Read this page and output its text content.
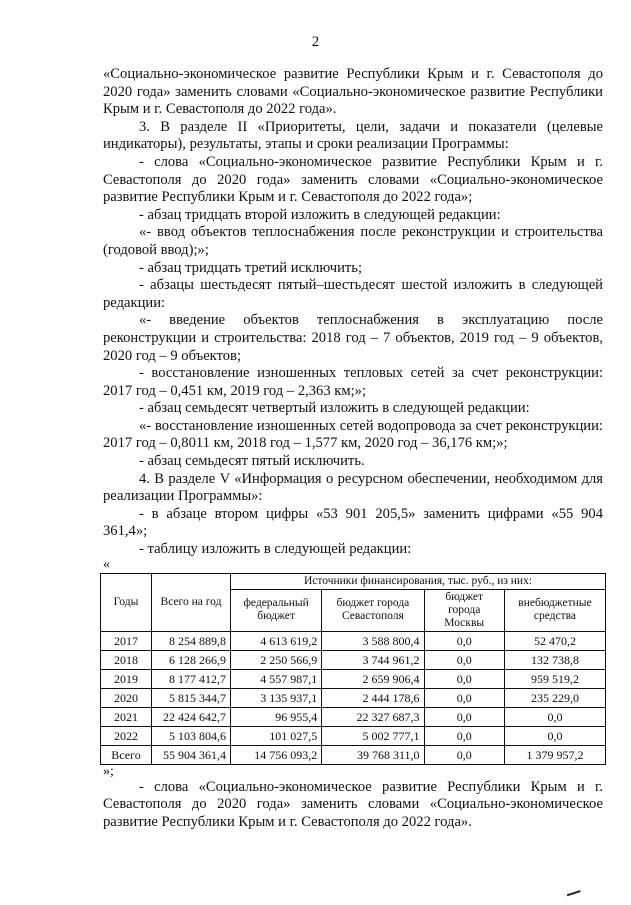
2

«Социально-экономическое развитие Республики Крым и г. Севастополя до 2020 года» заменить словами «Социально-экономическое развитие Республики Крым и г. Севастополя до 2022 года».

3. В разделе II «Приоритеты, цели, задачи и показатели (целевые индикаторы), результаты, этапы и сроки реализации Программы:

- слова «Социально-экономическое развитие Республики Крым и г. Севастополя до 2020 года» заменить словами «Социально-экономическое развитие Республики Крым и г. Севастополя до 2022 года»;

- абзац тридцать второй изложить в следующей редакции:

«- ввод объектов теплоснабжения после реконструкции и строительства (годовой ввод);»;

- абзац тридцать третий исключить;

- абзацы шестьдесят пятый–шестьдесят шестой изложить в следующей редакции:

«- введение объектов теплоснабжения в эксплуатацию после реконструкции и строительства: 2018 год – 7 объектов, 2019 год – 9 объектов, 2020 год – 9 объектов;

- восстановление изношенных тепловых сетей за счет реконструкции: 2017 год – 0,451 км, 2019 год – 2,363 км;»;

- абзац семьдесят четвертый изложить в следующей редакции:

«- восстановление изношенных сетей водопровода за счет реконструкции: 2017 год – 0,8011 км, 2018 год – 1,577 км, 2020 год – 36,176 км;»;

- абзац семьдесят пятый исключить.

4. В разделе V «Информация о ресурсном обеспечении, необходимом для реализации Программы»:

- в абзаце втором цифры «53 901 205,5» заменить цифрами «55 904 361,4»;

- таблицу изложить в следующей редакции:

«

Годы	Всего на год	Источники финансирования, тыс. руб., из них:			
		федеральный бюджет	бюджет города Севастополя	бюджет города Москвы	внебюджетные средства
2017	8 254 889,8	4 613 619,2	3 588 800,4	0,0	52 470,2
2018	6 128 266,9	2 250 566,9	3 744 961,2	0,0	132 738,8
2019	8 177 412,7	4 557 987,1	2 659 906,4	0,0	959 519,2
2020	5 815 344,7	3 135 937,1	2 444 178,6	0,0	235 229,0
2021	22 424 642,7	96 955,4	22 327 687,3	0,0	0,0
2022	5 103 804,6	101 027,5	5 002 777,1	0,0	0,0
Всего	55 904 361,4	14 756 093,2	39 768 311,0	0,0	1 379 957,2

»;

- слова «Социально-экономическое развитие Республики Крым и г. Севастополя до 2020 года» заменить словами «Социально-экономическое развитие Республики Крым и г. Севастополя до 2022 года».
